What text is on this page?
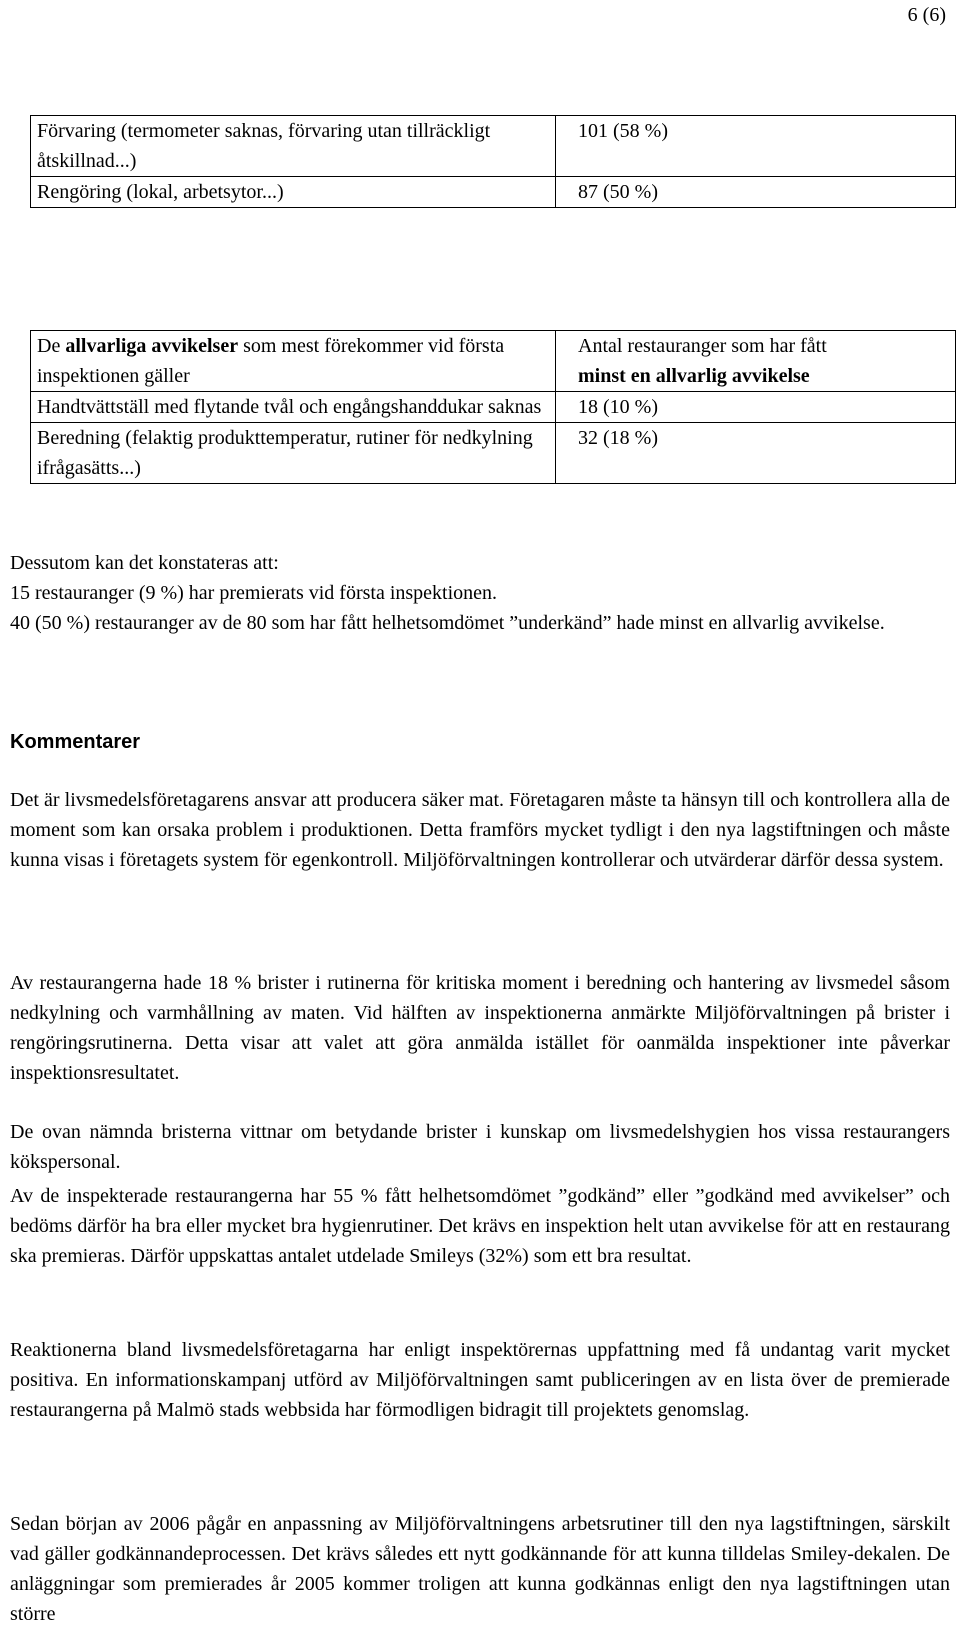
6 (6)
Förvaring (termometer saknas, förvaring utan tillräckligt åtskillnad...)	101 (58 %)
Rengöring (lokal, arbetsytor...)	87 (50 %)
De allvarliga avvikelser som mest förekommer vid första inspektionen gäller	Antal restauranger som har fått
minst en allvarlig avvikelse

Handtvättställ med flytande tvål och engångshanddukar saknas	18 (10 %)
Beredning (felaktig produkttemperatur, rutiner för nedkylning ifrågasätts...)	32 (18 %)

Dessutom kan det konstateras att:

15 restauranger (9 %) har premierats vid första inspektionen.

40 (50 %) restauranger av de 80 som har fått helhetsomdömet ”underkänd” hade minst en allvarlig avvikelse.

Kommentarer

Det är livsmedelsföretagarens ansvar att producera säker mat. Företagaren måste ta hänsyn till och kontrollera alla de moment som kan orsaka problem i produktionen. Detta framförs mycket tydligt i den nya lagstiftningen och måste kunna visas i företagets system för egenkontroll. Miljöförvaltningen kontrollerar och utvärderar därför dessa system.

Av restaurangerna hade 18 % brister i rutinerna för kritiska moment i beredning och hantering av livsmedel såsom nedkylning och varmhållning av maten. Vid hälften av inspektionerna anmärkte Miljöförvaltningen på brister i rengöringsrutinerna. Detta visar att valet att göra anmälda istället för oanmälda inspektioner inte påverkar inspektionsresultatet.

De ovan nämnda bristerna vittnar om betydande brister i kunskap om livsmedelshygien hos vissa restaurangers kökspersonal.

Av de inspekterade restaurangerna har 55 % fått helhetsomdömet ”godkänd” eller ”godkänd med avvikelser” och bedöms därför ha bra eller mycket bra hygienrutiner. Det krävs en inspektion helt utan avvikelse för att en restaurang ska premieras. Därför uppskattas antalet utdelade Smileys (32%) som ett bra resultat.

Reaktionerna bland livsmedelsföretagarna har enligt inspektörernas uppfattning med få undantag varit mycket positiva. En informationskampanj utförd av Miljöförvaltningen samt publiceringen av en lista över de premierade restaurangerna på Malmö stads webbsida har förmodligen bidragit till projektets genomslag.

Sedan början av 2006 pågår en anpassning av Miljöförvaltningens arbetsrutiner till den nya lagstiftningen, särskilt vad gäller godkännandeprocessen. Det krävs således ett nytt godkännande för att kunna tilldelas Smiley-dekalen. De anläggningar som premierades år 2005 kommer troligen att kunna godkännas enligt den nya lagstiftningen utan större
